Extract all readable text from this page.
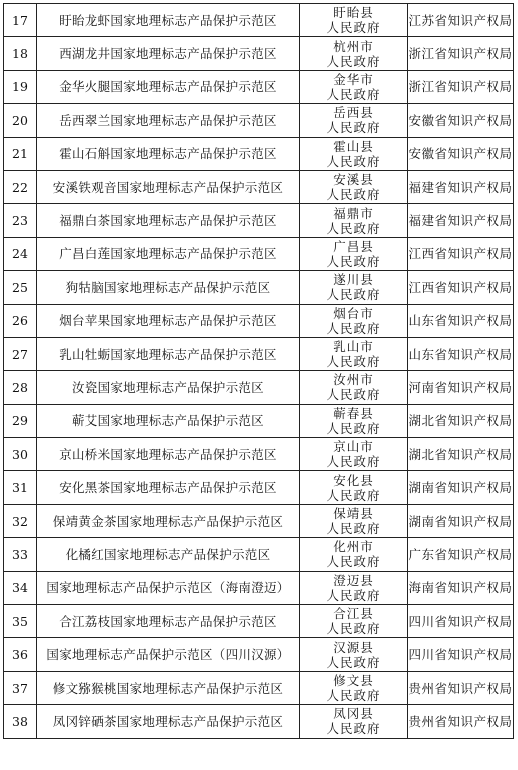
17	盱眙龙虾国家地理标志产品保护示范区	盱眙县
人民政府	江苏省知识产权局
18	西湖龙井国家地理标志产品保护示范区	杭州市
人民政府	浙江省知识产权局
19	金华火腿国家地理标志产品保护示范区	金华市
人民政府	浙江省知识产权局
20	岳西翠兰国家地理标志产品保护示范区	岳西县
人民政府	安徽省知识产权局
21	霍山石斛国家地理标志产品保护示范区	霍山县
人民政府	安徽省知识产权局
22	安溪铁观音国家地理标志产品保护示范区	安溪县
人民政府	福建省知识产权局
23	福鼎白茶国家地理标志产品保护示范区	福鼎市
人民政府	福建省知识产权局
24	广昌白莲国家地理标志产品保护示范区	广昌县
人民政府	江西省知识产权局
25	狗牯脑国家地理标志产品保护示范区	遂川县
人民政府	江西省知识产权局
26	烟台苹果国家地理标志产品保护示范区	烟台市
人民政府	山东省知识产权局
27	乳山牡蛎国家地理标志产品保护示范区	乳山市
人民政府	山东省知识产权局
28	汝瓷国家地理标志产品保护示范区	汝州市
人民政府	河南省知识产权局
29	蕲艾国家地理标志产品保护示范区	蕲春县
人民政府	湖北省知识产权局
30	京山桥米国家地理标志产品保护示范区	京山市
人民政府	湖北省知识产权局
31	安化黑茶国家地理标志产品保护示范区	安化县
人民政府	湖南省知识产权局
32	保靖黄金茶国家地理标志产品保护示范区	保靖县
人民政府	湖南省知识产权局
33	化橘红国家地理标志产品保护示范区	化州市
人民政府	广东省知识产权局
34	国家地理标志产品保护示范区（海南澄迈）	澄迈县
人民政府	海南省知识产权局
35	合江荔枝国家地理标志产品保护示范区	合江县
人民政府	四川省知识产权局
36	国家地理标志产品保护示范区（四川汉源）	汉源县
人民政府	四川省知识产权局
37	修文猕猴桃国家地理标志产品保护示范区	修文县
人民政府	贵州省知识产权局
38	凤冈锌硒茶国家地理标志产品保护示范区	凤冈县
人民政府	贵州省知识产权局
